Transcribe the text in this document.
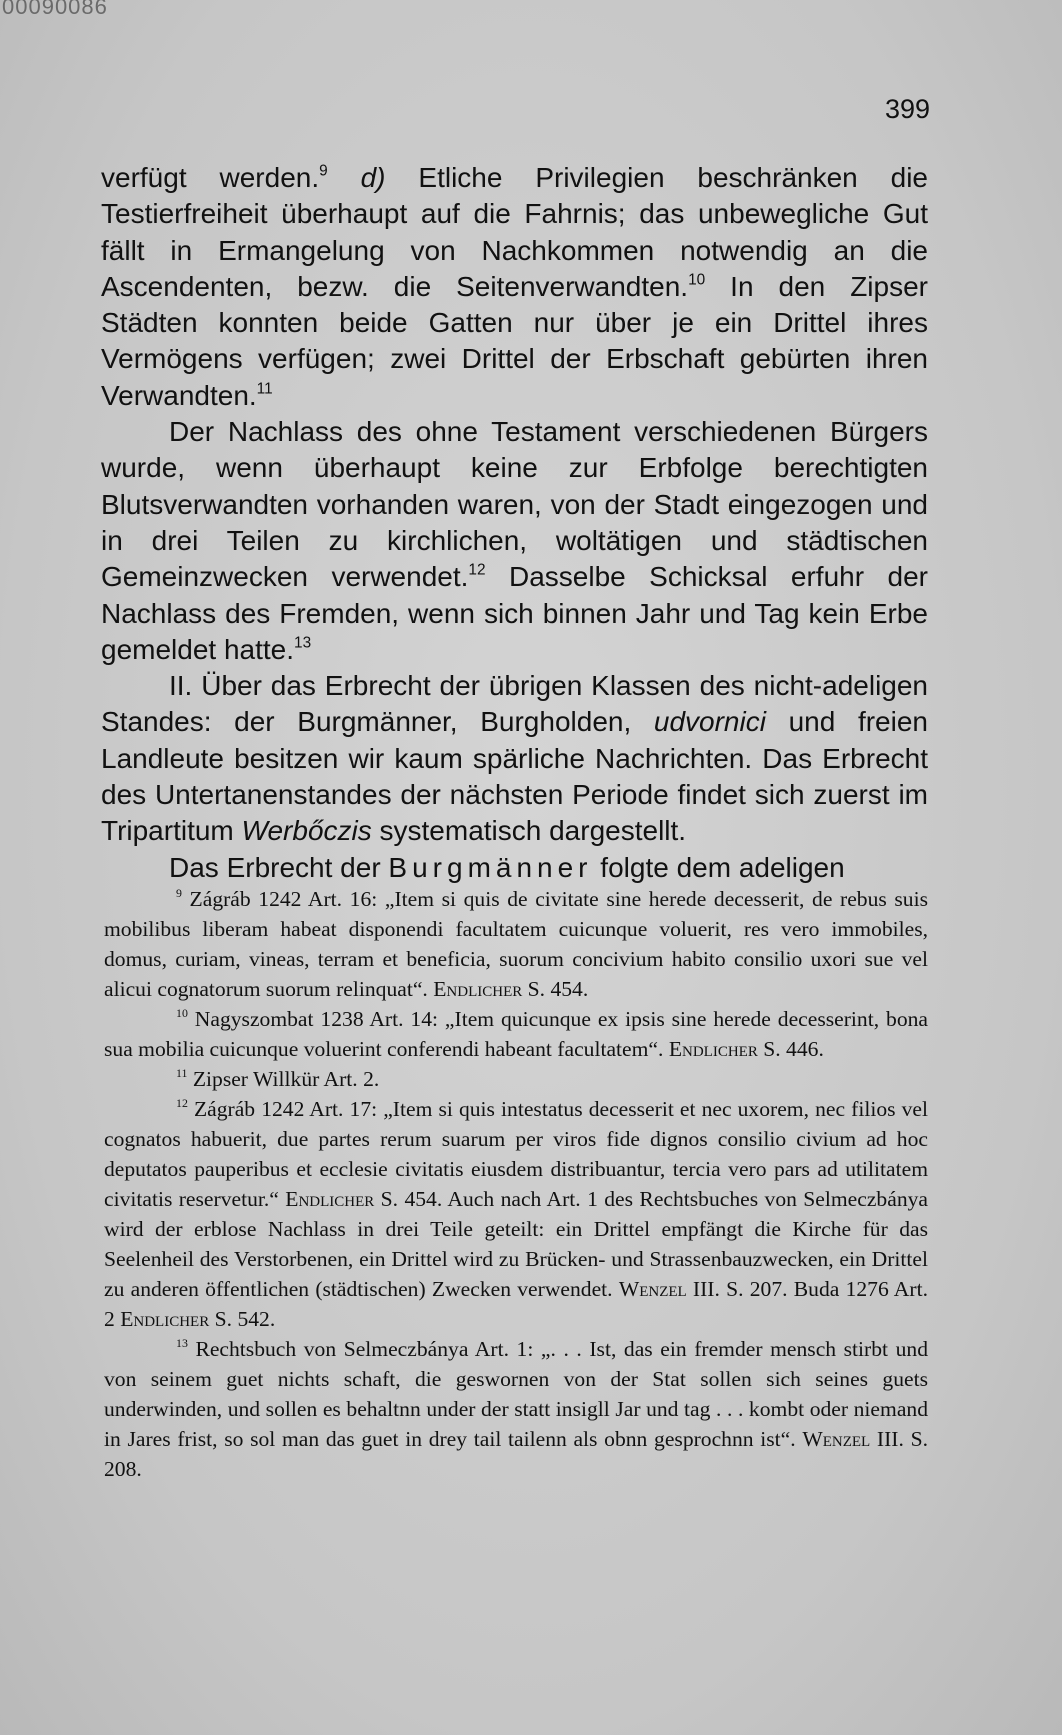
00090086
399

verfügt werden.$^9$ d) Etliche Privilegien beschränken die Testierfreiheit überhaupt auf die Fahrnis; das unbewegliche Gut fällt in Ermangelung von Nachkommen notwendig an die Ascendenten, bezw. die Seitenverwandten.$^{10}$ In den Zipser Städten konnten beide Gatten nur über je ein Drittel ihres Vermögens verfügen; zwei Drittel der Erbschaft gebürten ihren Verwandten.$^{11}$

Der Nachlass des ohne Testament verschiedenen Bürgers wurde, wenn überhaupt keine zur Erbfolge berechtigten Blutsverwandten vorhanden waren, von der Stadt eingezogen und in drei Teilen zu kirchlichen, woltätigen und städtischen Gemeinzwecken verwendet.$^{12}$ Dasselbe Schicksal erfuhr der Nachlass des Fremden, wenn sich binnen Jahr und Tag kein Erbe gemeldet hatte.$^{13}$

II. Über das Erbrecht der übrigen Klassen des nicht-adeligen Standes: der Burgmänner, Burgholden, udvornici und freien Landleute besitzen wir kaum spärliche Nachrichten. Das Erbrecht des Untertanenstandes der nächsten Periode findet sich zuerst im Tripartitum Werbőczis systematisch dargestellt.

Das Erbrecht der Burgmänner folgte dem adeligen

$^9$ Zágráb 1242 Art. 16: „Item si quis de civitate sine herede decesserit, de rebus suis mobilibus liberam habeat disponendi facultatem cuicunque voluerit, res vero immobiles, domus, curiam, vineas, terram et beneficia, suorum concivium habito consilio uxori sue vel alicui cognatorum suorum relinquat“. Endlicher S. 454.

$^{10}$ Nagyszombat 1238 Art. 14: „Item quicunque ex ipsis sine herede decesserint, bona sua mobilia cuicunque voluerint conferendi habeant facultatem“. Endlicher S. 446.

$^{11}$ Zipser Willkür Art. 2.

$^{12}$ Zágráb 1242 Art. 17: „Item si quis intestatus decesserit et nec uxorem, nec filios vel cognatos habuerit, due partes rerum suarum per viros fide dignos consilio civium ad hoc deputatos pauperibus et ecclesie civitatis eiusdem distribuantur, tercia vero pars ad utilitatem civitatis reservetur.“ Endlicher S. 454. Auch nach Art. 1 des Rechtsbuches von Selmeczbánya wird der erblose Nachlass in drei Teile geteilt: ein Drittel empfängt die Kirche für das Seelenheil des Verstorbenen, ein Drittel wird zu Brücken- und Strassenbauzwecken, ein Drittel zu anderen öffentlichen (städtischen) Zwecken verwendet. Wenzel III. S. 207. Buda 1276 Art. 2 Endlicher S. 542.

$^{13}$ Rechtsbuch von Selmeczbánya Art. 1: „. . . Ist, das ein fremder mensch stirbt und von seinem guet nichts schaft, die geswornen von der Stat sollen sich seines guets underwinden, und sollen es behaltnn under der statt insigll Jar und tag . . . kombt oder niemand in Jares frist, so sol man das guet in drey tail tailenn als obnn gesprochnn ist“. Wenzel III. S. 208.
